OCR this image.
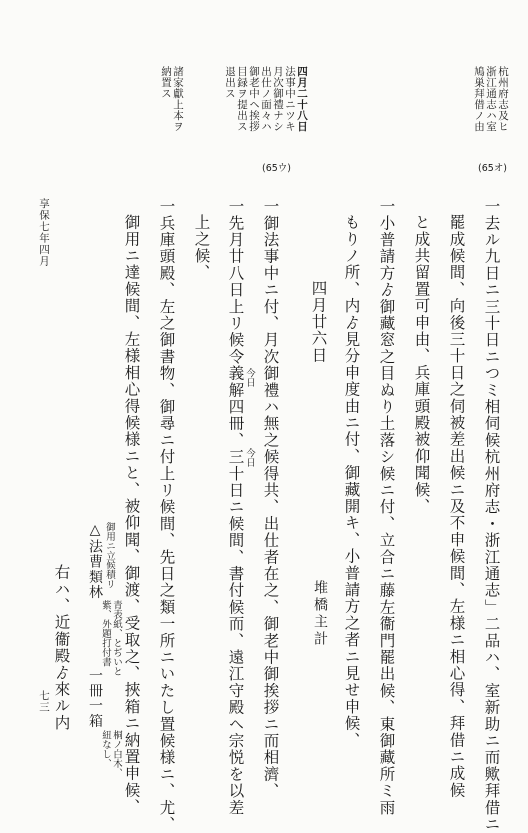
杭州府志及ヒ
浙江通志ハ室
鳩巣拜借ノ由
(65オ)
四月二十八日
法事中ニツキ
月次御禮ナシ
出仕ノ面々ハ
御老中ヘ挨拶
目録ヲ提出ス
退出ス
(65ウ)
諸家獻上本ヲ
納置ス
一去ル九日ニ三十日ニつミ相伺候杭州府志・浙江通志」二品ハ、室新助ニ而歟拜借ニ
罷成候間、向後三十日之伺被差出候ニ及不申候間、左様ニ相心得、拜借ニ成候
と成共留置可申由、兵庫頭殿被仰聞候、
一小普請方ゟ御藏窓之目ぬり土落シ候ニ付、立合ニ藤左衞門罷出候、東御藏所ミ雨
もりノ所、内ゟ見分申度由ニ付、御藏開キ、小普請方之者ニ見せ申候、
四月廿六日
堆橋主計
一御法事中ニ付、月次御禮ハ無之候得共、出仕者在之、御老中御挨拶ニ而相濟、
今日
今日
一先月廿八日上リ候令義解四冊、三十日ニ候間、書付候而、遠江守殿ヘ宗悦を以差
上之候、
一兵庫頭殿、左之御書物、御尋ニ付上リ候間、先日之類一所ニいたし置候様ニ、尤、
御用ニ達候間、左様相心得候様ニと、被仰聞、御渡、受取之、挾箱ニ納置申候、
御用ニ立候積リ
△法曹類林
青表紙、とぢいと
紫、外題打付書
一冊一箱
桐ノ白木、
紐なし、
右ハ、近衞殿ゟ來ル内
享保七年四月
七三
